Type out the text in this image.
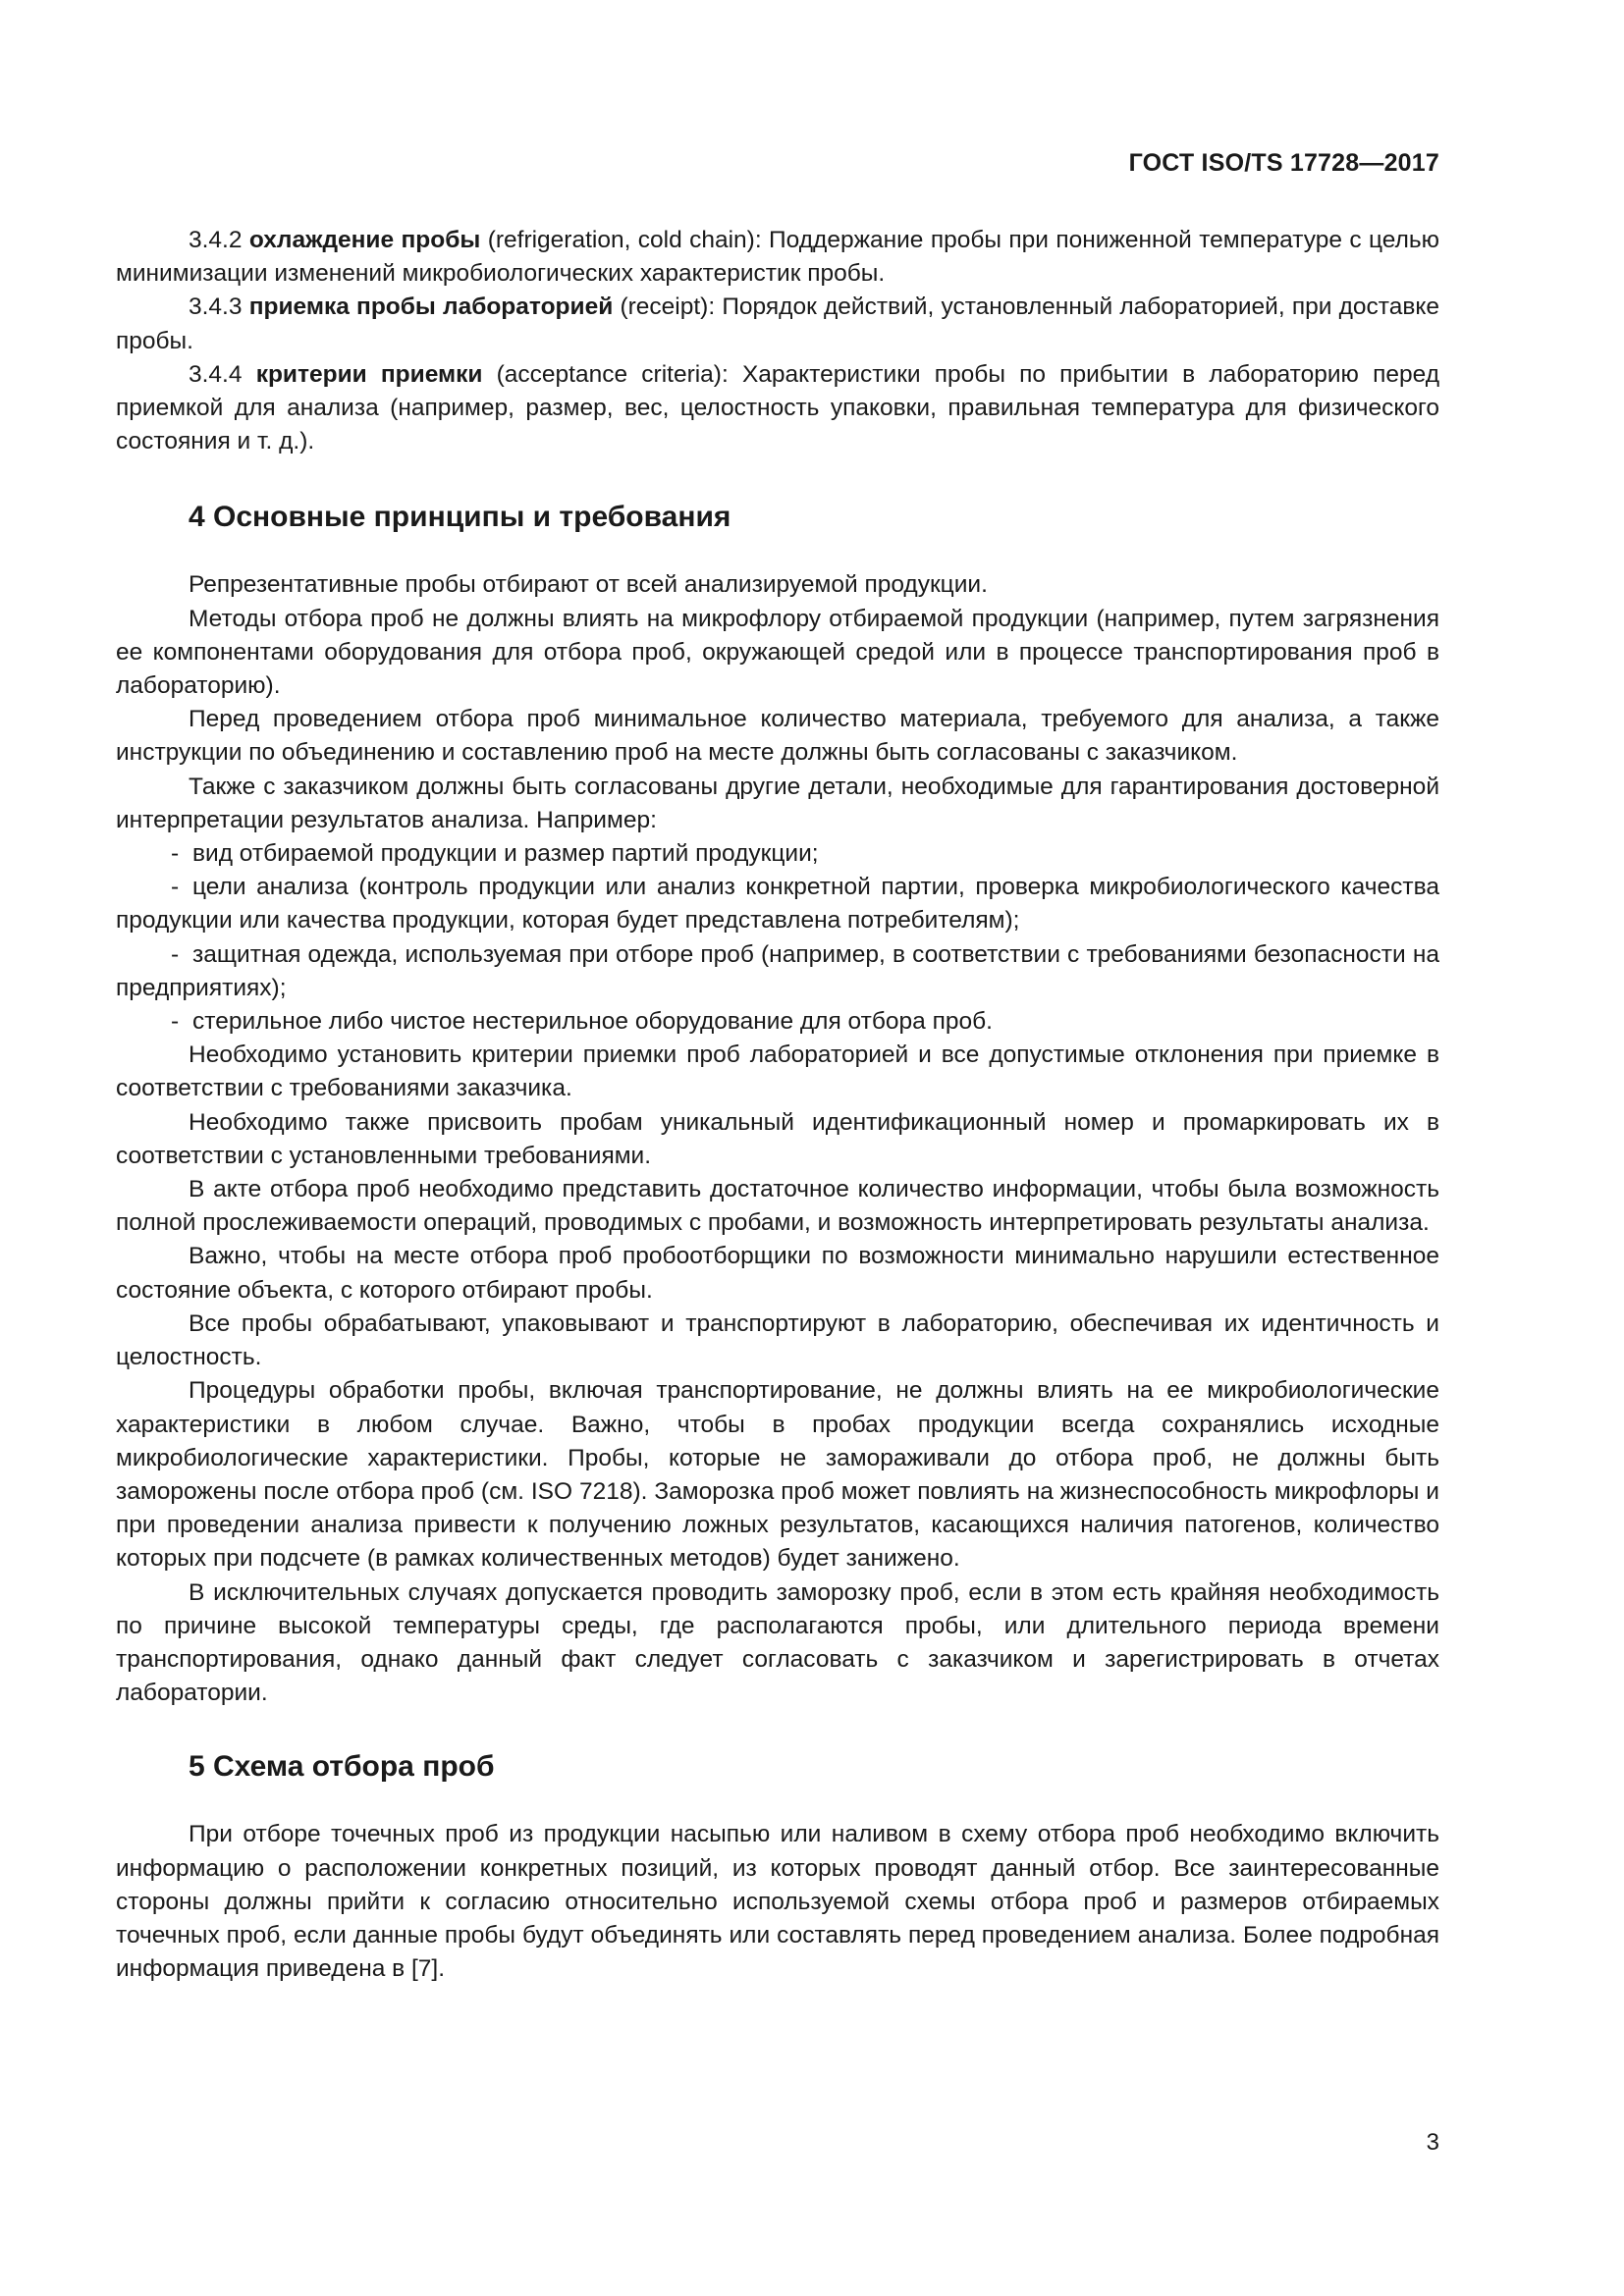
ГОСТ ISO/TS 17728—2017

3.4.2 охлаждение пробы (refrigeration, cold chain): Поддержание пробы при пониженной температуре с целью минимизации изменений микробиологических характеристик пробы.

3.4.3 приемка пробы лабораторией (receipt): Порядок действий, установленный лабораторией, при доставке пробы.

3.4.4 критерии приемки (acceptance criteria): Характеристики пробы по прибытии в лабораторию перед приемкой для анализа (например, размер, вес, целостность упаковки, правильная температура для физического состояния и т. д.).

4 Основные принципы и требования

Репрезентативные пробы отбирают от всей анализируемой продукции.

Методы отбора проб не должны влиять на микрофлору отбираемой продукции (например, путем загрязнения ее компонентами оборудования для отбора проб, окружающей средой или в процессе транспортирования проб в лабораторию).

Перед проведением отбора проб минимальное количество материала, требуемого для анализа, а также инструкции по объединению и составлению проб на месте должны быть согласованы с заказчиком.

Также с заказчиком должны быть согласованы другие детали, необходимые для гарантирования достоверной интерпретации результатов анализа. Например:

- вид отбираемой продукции и размер партий продукции;

- цели анализа (контроль продукции или анализ конкретной партии, проверка микробиологического качества продукции или качества продукции, которая будет представлена потребителям);

- защитная одежда, используемая при отборе проб (например, в соответствии с требованиями безопасности на предприятиях);

- стерильное либо чистое нестерильное оборудование для отбора проб.

Необходимо установить критерии приемки проб лабораторией и все допустимые отклонения при приемке в соответствии с требованиями заказчика.

Необходимо также присвоить пробам уникальный идентификационный номер и промаркировать их в соответствии с установленными требованиями.

В акте отбора проб необходимо представить достаточное количество информации, чтобы была возможность полной прослеживаемости операций, проводимых с пробами, и возможность интерпретировать результаты анализа.

Важно, чтобы на месте отбора проб пробоотборщики по возможности минимально нарушили естественное состояние объекта, с которого отбирают пробы.

Все пробы обрабатывают, упаковывают и транспортируют в лабораторию, обеспечивая их идентичность и целостность.

Процедуры обработки пробы, включая транспортирование, не должны влиять на ее микробиологические характеристики в любом случае. Важно, чтобы в пробах продукции всегда сохранялись исходные микробиологические характеристики. Пробы, которые не замораживали до отбора проб, не должны быть заморожены после отбора проб (см. ISO 7218). Заморозка проб может повлиять на жизнеспособность микрофлоры и при проведении анализа привести к получению ложных результатов, касающихся наличия патогенов, количество которых при подсчете (в рамках количественных методов) будет занижено.

В исключительных случаях допускается проводить заморозку проб, если в этом есть крайняя необходимость по причине высокой температуры среды, где располагаются пробы, или длительного периода времени транспортирования, однако данный факт следует согласовать с заказчиком и зарегистрировать в отчетах лаборатории.

5 Схема отбора проб

При отборе точечных проб из продукции насыпью или наливом в схему отбора проб необходимо включить информацию о расположении конкретных позиций, из которых проводят данный отбор. Все заинтересованные стороны должны прийти к согласию относительно используемой схемы отбора проб и размеров отбираемых точечных проб, если данные пробы будут объединять или составлять перед проведением анализа. Более подробная информация приведена в [7].

3
